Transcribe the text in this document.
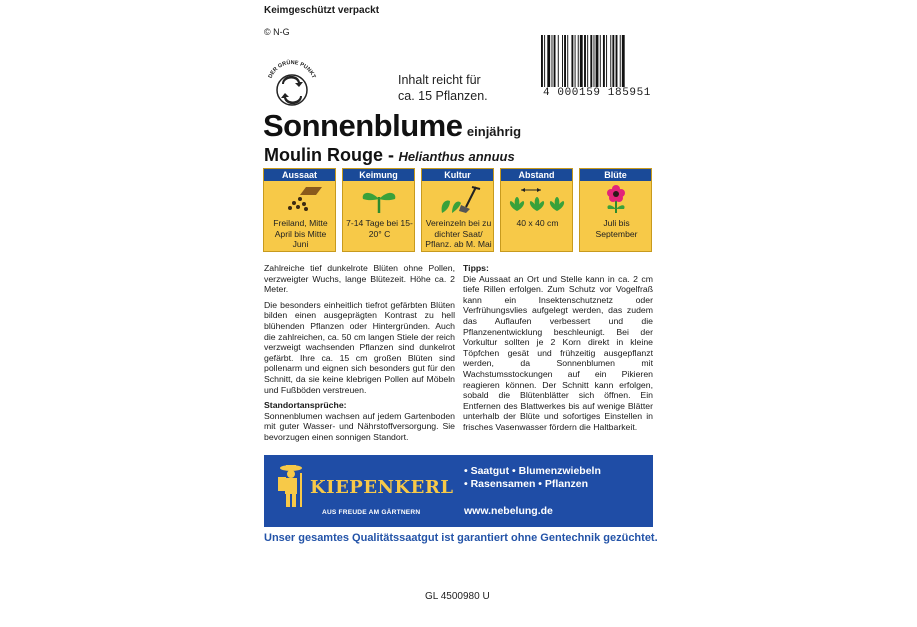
Keimgeschützt verpackt
© N-G
DER GRÜNE PUNKT	Inhalt reicht für
ca. 15 Pflanzen.	4 000159 185951
Sonnenblume einjährig
Moulin Rouge - Helianthus annuus
Aussaat
Freiland, Mitte April bis Mitte Juni
Keimung
7-14 Tage bei 15-20° C
Kultur
Vereinzeln bei zu dichter Saat/ Pflanz. ab M. Mai
Abstand
40 x 40 cm
Blüte
Juli bis September

Zahlreiche tief dunkelrote Blüten ohne Pollen, verzweigter Wuchs, lange Blütezeit. Höhe ca. 2 Meter.

Die besonders einheitlich tiefrot gefärbten Blüten bilden einen ausgeprägten Kontrast zu hell blühenden Pflanzen oder Hintergründen. Auch die zahlreichen, ca. 50 cm langen Stiele der reich verzweigt wachsenden Pflanzen sind dunkelrot gefärbt. Ihre ca. 15 cm großen Blüten sind pollenarm und eignen sich besonders gut für den Schnitt, da sie keine klebrigen Pollen auf Möbeln und Fußböden verstreuen.

Standortansprüche:

Sonnenblumen wachsen auf jedem Gartenboden mit guter Wasser- und Nährstoffversorgung. Sie bevorzugen einen sonnigen Standort.

Tipps:

Die Aussaat an Ort und Stelle kann in ca. 2 cm tiefe Rillen erfolgen. Zum Schutz vor Vogelfraß kann ein Insektenschutznetz oder Verfrühungsvlies aufgelegt werden, das zudem das Auflaufen verbessert und die Pflanzenentwicklung beschleunigt. Bei der Vorkultur sollten je 2 Korn direkt in kleine Töpfchen gesät und frühzeitig ausgepflanzt werden, da Sonnenblumen mit Wachstumsstockungen auf ein Pikieren reagieren können. Der Schnitt kann erfolgen, sobald die Blütenblätter sich öffnen. Ein Entfernen des Blattwerkes bis auf wenige Blätter unterhalb der Blüte und sofortiges Einstellen in frisches Vasenwasser fördern die Haltbarkeit.

KIEPENKERL
AUS FREUDE AM GÄRTNERN
• Saatgut • Blumenzwiebeln
• Rasensamen • Pflanzen
www.nebelung.de
Unser gesamtes Qualitätssaatgut ist garantiert ohne Gentechnik gezüchtet.
GL 4500980 U
